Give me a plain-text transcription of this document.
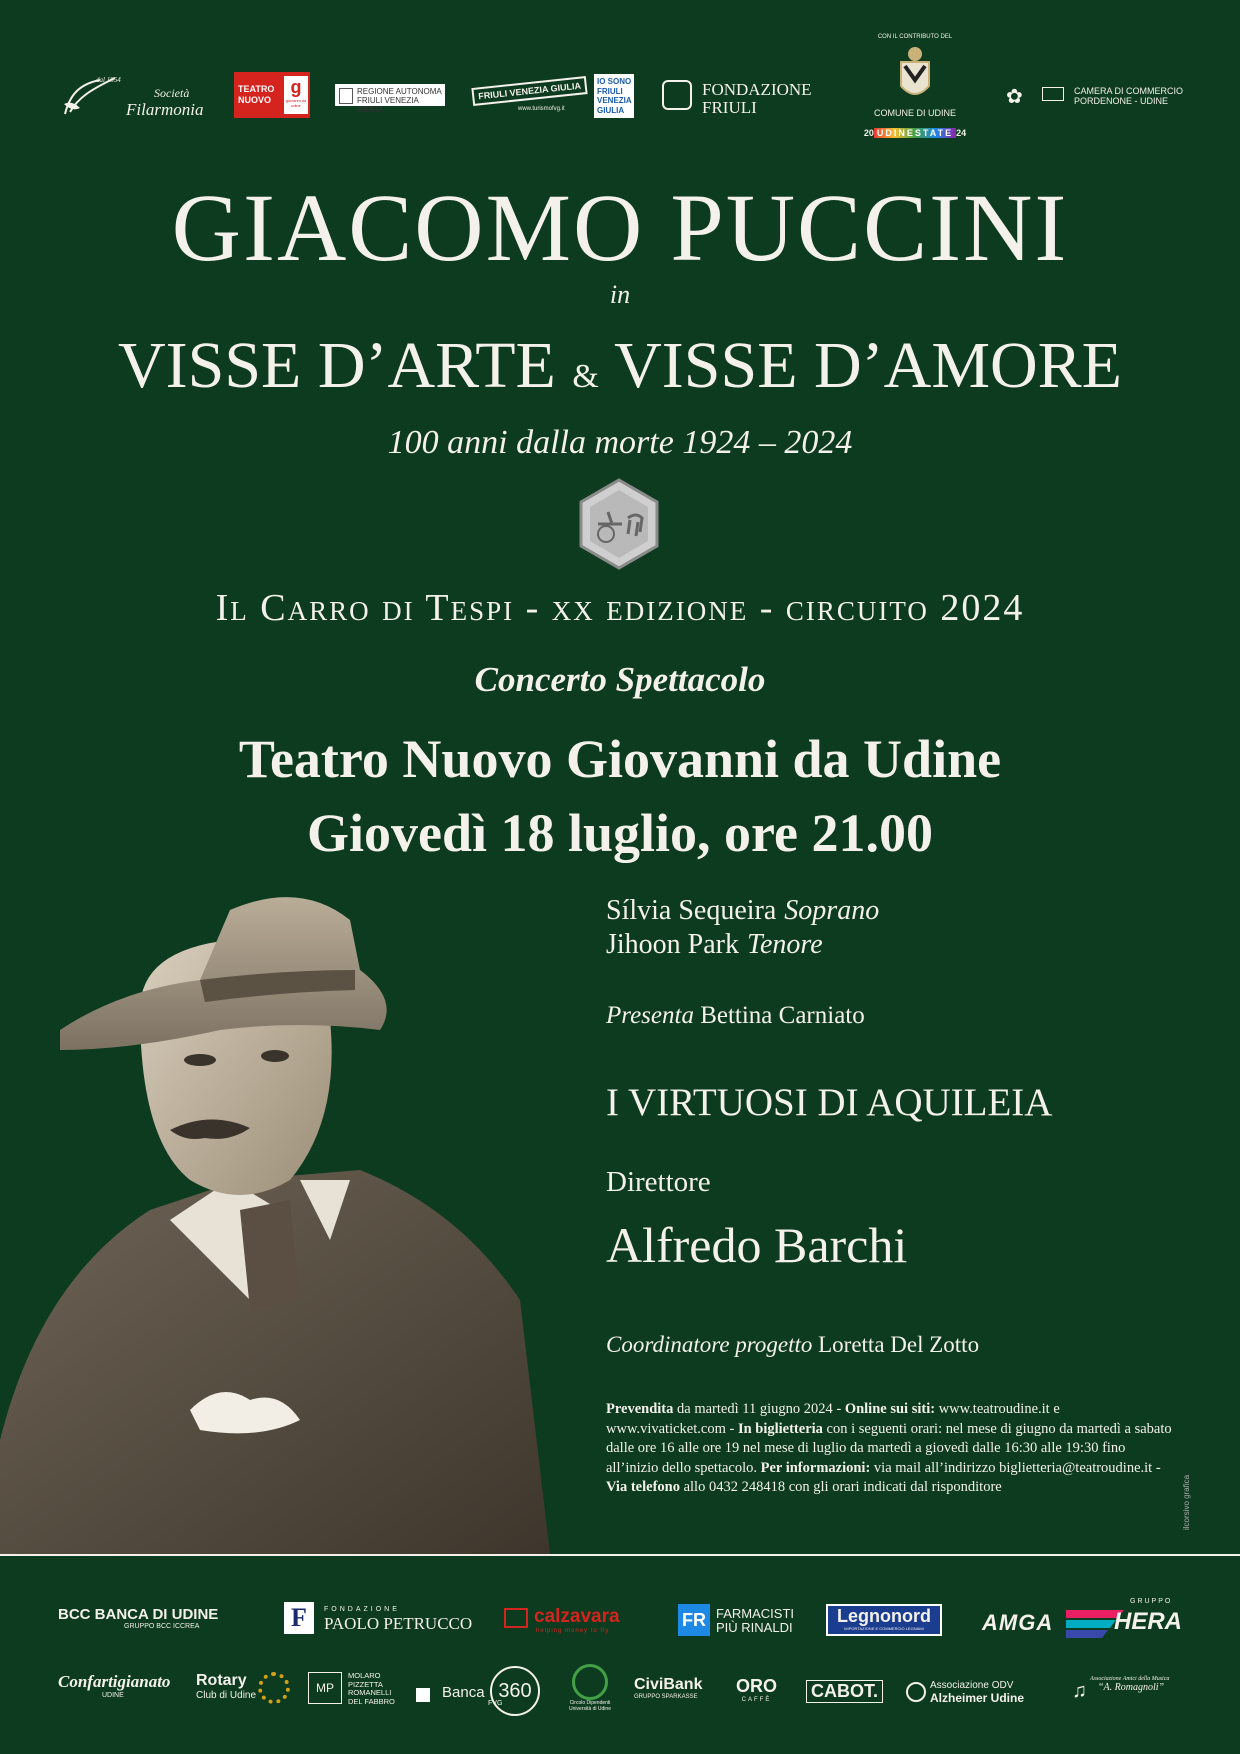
dal 1954
Società
Filarmonia
TEATRO
NUOVO
g
giovanni da udine
REGIONE AUTONOMA
FRIULI VENEZIA GIULIA
FRIULI VENEZIA GIULIA
www.turismofvg.it
IO SONO
FRIULI
VENEZIA
GIULIA
FONDAZIONE
FRIULI
CON IL CONTRIBUTO DEL
COMUNE DI UDINE
20 UDINESTATE 24
✿	CAMERA DI COMMERCIO
PORDENONE - UDINE
GIACOMO PUCCINI
in
VISSE D’ARTE & VISSE D’AMORE
100 anni dalla morte 1924 – 2024
Il Carro di Tespi - xx edizione - circuito 2024
Concerto Spettacolo
Teatro Nuovo Giovanni da Udine
Giovedì 18 luglio, ore 21.00
Sílvia Sequeira Soprano
Jihoon Park Tenore
Presenta Bettina Carniato
I VIRTUOSI DI AQUILEIA
Direttore
Alfredo Barchi
Coordinatore progetto Loretta Del Zotto
Prevendita da martedì 11 giugno 2024 - Online sui siti: www.teatroudine.it e www.vivaticket.com - In biglietteria con i seguenti orari: nel mese di giugno da martedì a sabato dalle ore 16 alle ore 19 nel mese di luglio da martedì a giovedì dalle 16:30 alle 19:30 fino all’inizio dello spettacolo. Per informazioni: via mail all’indirizzo biglietteria@teatroudine.it - Via telefono allo 0432 248418 con gli orari indicati dal risponditore	ilcorsivo grafica
BCC BANCA DI UDINE
GRUPPO BCC ICCREA	F	FONDAZIONE
PAOLO PETRUCCO	calzavara
helping money to fly
FR FARMACISTI
PIÙ RINALDI
Legnonord
IMPORTAZIONE E COMMERCIO LEGNAMI	AMGA
GRUPPO
HERA
Confartigianato
UDINE
Rotary
Club di Udine
MP
MOLARO
PIZZETTA
ROMANELLI
DEL FABBRO	Banca 360
FVG	Circolo Dipendenti
Università di Udine
CiviBank
GRUPPO SPARKASSE
ORO
CAFFÈ	CABOT.	Associazione ODV
Alzheimer Udine ♫
Associazione Amici della Musica
“A. Romagnoli”
